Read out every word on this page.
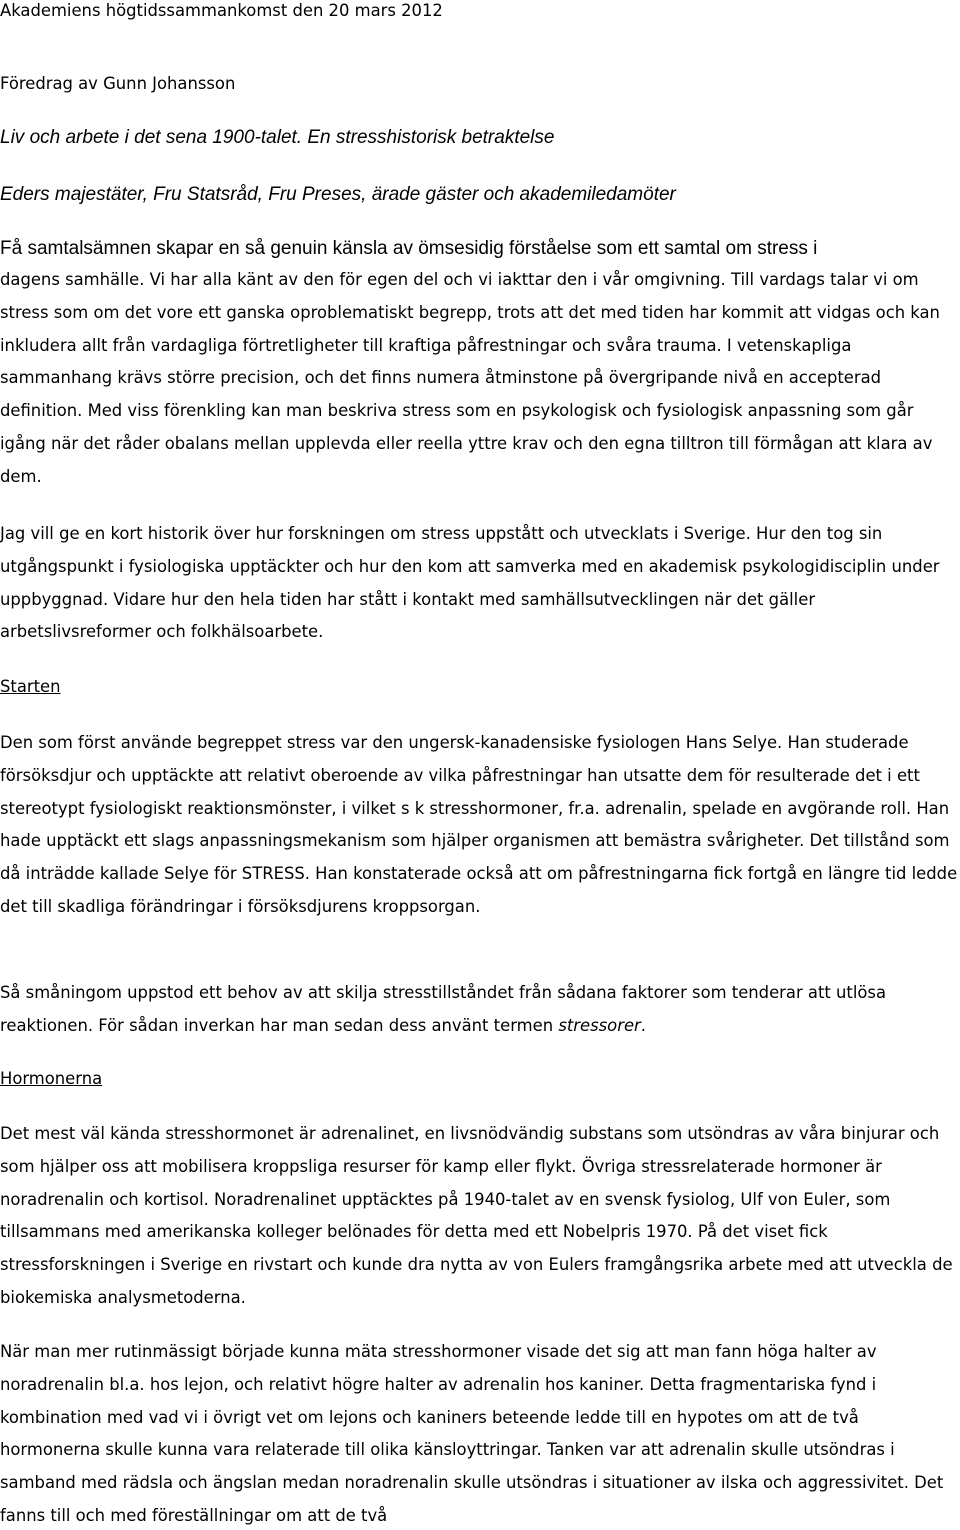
Akademiens högtidssammankomst den 20 mars 2012

Föredrag av Gunn Johansson

Liv och arbete i det sena 1900-talet. En stresshistorisk betraktelse

Eders majestäter, Fru Statsråd, Fru Preses, ärade gäster och akademiledamöter

Få samtalsämnen skapar en så genuin känsla av ömsesidig förståelse som ett samtal om stress i

dagens samhälle. Vi har alla känt av den för egen del och vi iakttar den i vår omgivning. Till vardags talar vi om stress som om det vore ett ganska oproblematiskt begrepp, trots att det med tiden har kommit att vidgas och kan inkludera allt från vardagliga förtretligheter till kraftiga påfrestningar och svåra trauma. I vetenskapliga sammanhang krävs större precision, och det finns numera åtminstone på övergripande nivå en accepterad definition. Med viss förenkling kan man beskriva stress som en psykologisk och fysiologisk anpassning som går igång när det råder obalans mellan upplevda eller reella yttre krav och den egna tilltron till förmågan att klara av dem.

Jag vill ge en kort historik över hur forskningen om stress uppstått och utvecklats i Sverige. Hur den tog sin utgångspunkt i fysiologiska upptäckter och hur den kom att samverka med en akademisk psykologidisciplin under uppbyggnad. Vidare hur den hela tiden har stått i kontakt med samhällsutvecklingen när det gäller arbetslivsreformer och folkhälsoarbete.

Starten

Den som först använde begreppet stress var den ungersk-kanadensiske fysiologen Hans Selye. Han studerade försöksdjur och upptäckte att relativt oberoende av vilka påfrestningar han utsatte dem för resulterade det i ett stereotypt fysiologiskt reaktionsmönster, i vilket s k stresshormoner, fr.a. adrenalin, spelade en avgörande roll. Han hade upptäckt ett slags anpassningsmekanism som hjälper organismen att bemästra svårigheter. Det tillstånd som då inträdde kallade Selye för STRESS. Han konstaterade också att om påfrestningarna fick fortgå en längre tid ledde det till skadliga förändringar i försöksdjurens kroppsorgan.

Så småningom uppstod ett behov av att skilja stresstillståndet från sådana faktorer som tenderar att utlösa reaktionen. För sådan inverkan har man sedan dess använt termen stressorer.

Hormonerna

Det mest väl kända stresshormonet är adrenalinet, en livsnödvändig substans som utsöndras av våra binjurar och som hjälper oss att mobilisera kroppsliga resurser för kamp eller flykt. Övriga stressrelaterade hormoner är noradrenalin och kortisol. Noradrenalinet upptäcktes på 1940-talet av en svensk fysiolog, Ulf von Euler, som tillsammans med amerikanska kolleger belönades för detta med ett Nobelpris 1970. På det viset fick stressforskningen i Sverige en rivstart och kunde dra nytta av von Eulers framgångsrika arbete med att utveckla de biokemiska analysmetoderna.

När man mer rutinmässigt började kunna mäta stresshormoner visade det sig att man fann höga halter av noradrenalin bl.a. hos lejon, och relativt högre halter av adrenalin hos kaniner. Detta fragmentariska fynd i kombination med vad vi i övrigt vet om lejons och kaniners beteende ledde till en hypotes om att de två hormonerna skulle kunna vara relaterade till olika känsloyttringar. Tanken var att adrenalin skulle utsöndras i samband med rädsla och ängslan medan noradrenalin skulle utsöndras i situationer av ilska och aggressivitet. Det fanns till och med föreställningar om att de två
